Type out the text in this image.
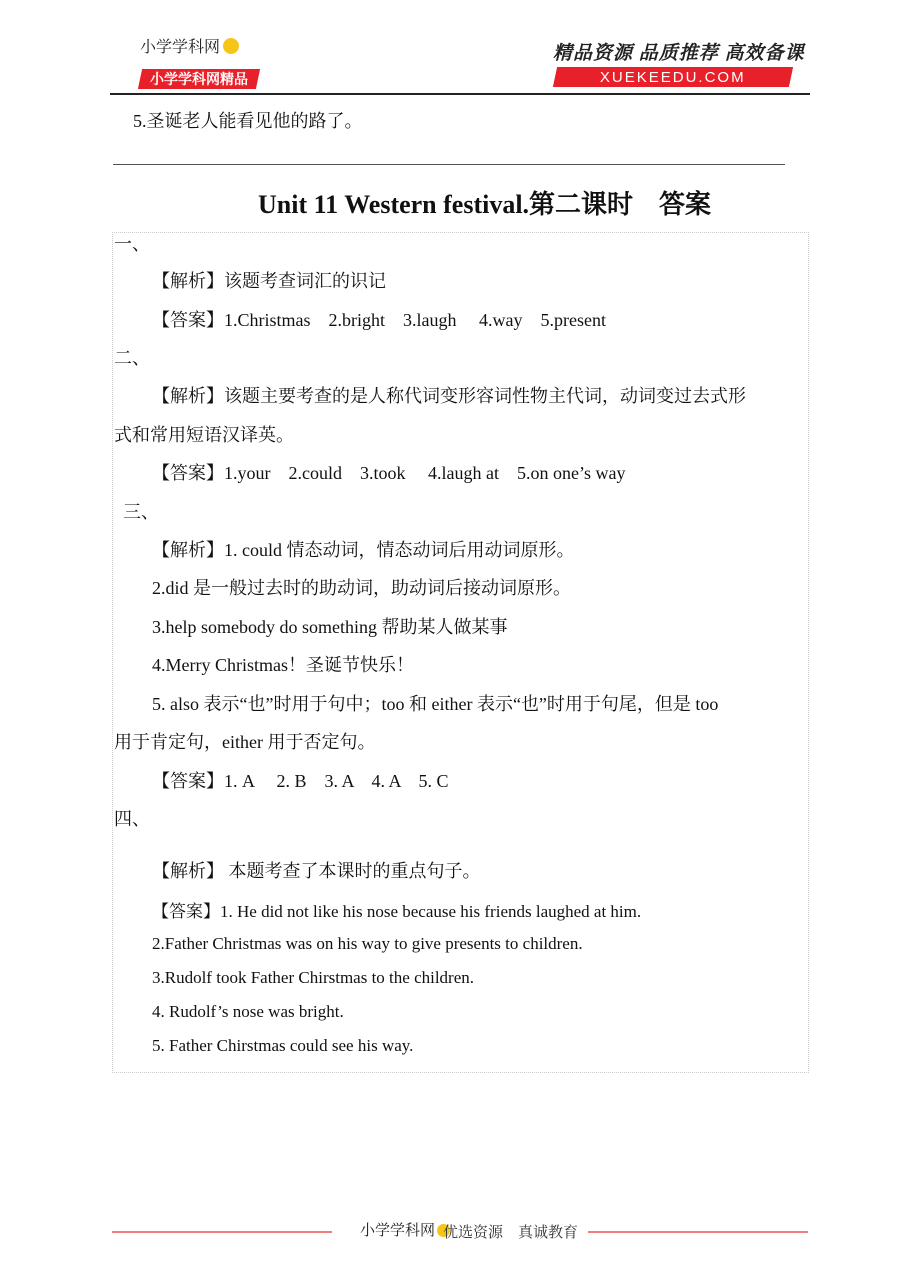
小学学科网
小学学科网精品
精品资源 品质推荐 高效备课
XUEKEEDU.COM
5.圣诞老人能看见他的路了。
Unit 11 Western festival.第二课时　答案
一、
【解析】该题考查词汇的识记
【答案】1.Christmas　2.bright　3.laugh　 4.way　5.present
二、
【解析】该题主要考查的是人称代词变形容词性物主代词，动词变过去式形
式和常用短语汉译英。
【答案】1.your　2.could　3.took　 4.laugh at　5.on one’s way
三、
【解析】1. could 情态动词，情态动词后用动词原形。
2.did 是一般过去时的助动词，助动词后接动词原形。
3.help somebody do something 帮助某人做某事
4.Merry Christmas！圣诞节快乐！
5. also 表示“也”时用于句中；too 和 either 表示“也”时用于句尾，但是 too
用于肯定句，either 用于否定句。
【答案】1. A　 2. B　3. A　4. A　5. C
四、
【解析】 本题考查了本课时的重点句子。
【答案】1. He did not like his nose because his friends laughed at him.
2.Father Christmas was on his way to give presents to children.
3.Rudolf took Father Chirstmas to the children.
4. Rudolf’s nose was bright.
5. Father Chirstmas could see his way.
小学学科网 优选资源　真诚教育
